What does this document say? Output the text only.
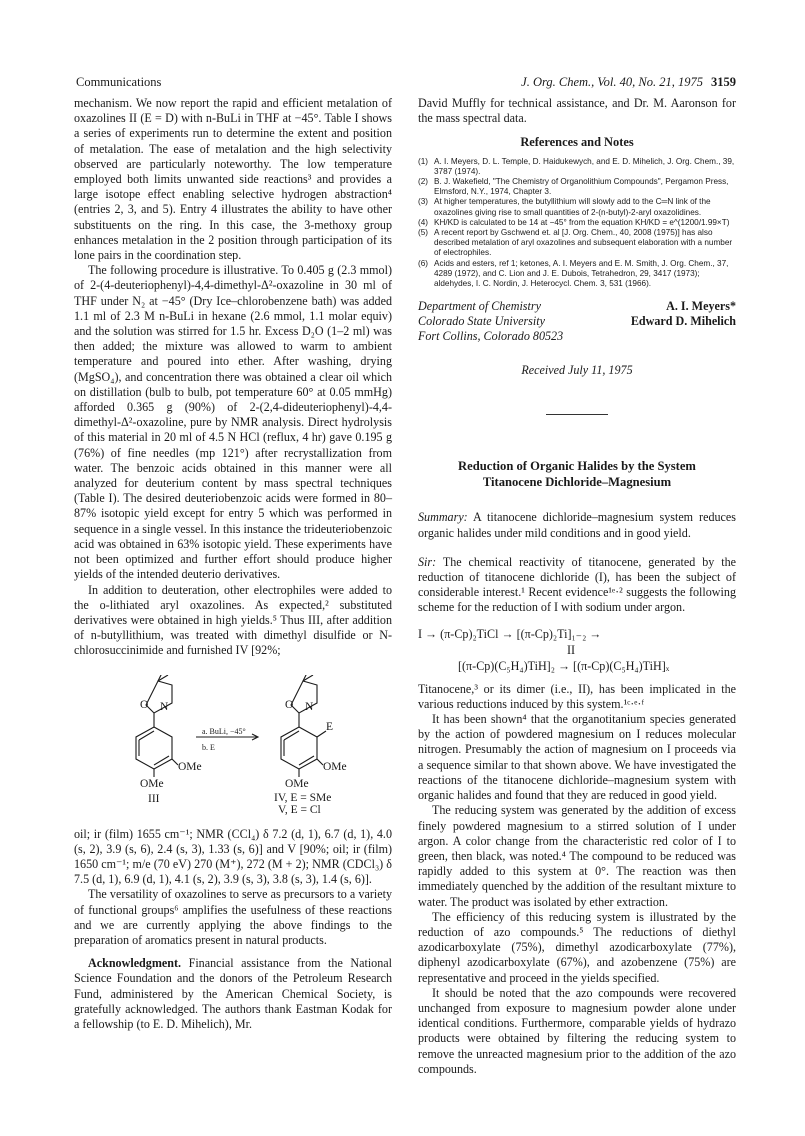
Communications	J. Org. Chem., Vol. 40, No. 21, 1975 3159

mechanism. We now report the rapid and efficient metalation of oxazolines II (E = D) with n-BuLi in THF at −45°. Table I shows a series of experiments run to determine the extent and position of metalation. The ease of metalation and the high selectivity observed are particularly noteworthy. The low temperature employed both limits unwanted side reactions³ and provides a large isotope effect enabling selective hydrogen abstraction⁴ (entries 2, 3, and 5). Entry 4 illustrates the ability to have other substituents on the ring. In this case, the 3-methoxy group enhances metalation in the 2 position through participation of its lone pairs in the coordination step.

The following procedure is illustrative. To 0.405 g (2.3 mmol) of 2-(4-deuteriophenyl)-4,4-dimethyl-Δ²-oxazoline in 30 ml of THF under N₂ at −45° (Dry Ice–chlorobenzene bath) was added 1.1 ml of 2.3 M n-BuLi in hexane (2.6 mmol, 1.1 molar equiv) and the solution was stirred for 1.5 hr. Excess D₂O (1–2 ml) was then added; the mixture was allowed to warm to ambient temperature and poured into ether. After washing, drying (MgSO₄), and concentration there was obtained a clear oil which on distillation (bulb to bulb, pot temperature 60° at 0.05 mmHg) afforded 0.365 g (90%) of 2-(2,4-dideuteriophenyl)-4,4-dimethyl-Δ²-oxazoline, pure by NMR analysis. Direct hydrolysis of this material in 20 ml of 4.5 N HCl (reflux, 4 hr) gave 0.195 g (76%) of fine needles (mp 121°) after recrystallization from water. The benzoic acids obtained in this manner were all analyzed for deuterium content by mass spectral techniques (Table I). The desired deuteriobenzoic acids were formed in 80–87% isotopic yield except for entry 5 which was performed in sequence in a single vessel. In this instance the trideuteriobenzoic acid was obtained in 63% isotopic yield. These experiments have not been optimized and further effort should produce higher yields of the intended deuterio derivatives.

In addition to deuteration, other electrophiles were added to the o-lithiated aryl oxazolines. As expected,² substituted derivatives were obtained in high yields.⁵ Thus III, after addition of n-butyllithium, was treated with dimethyl disulfide or N-chlorosuccinimide and furnished IV [92%;

O N	O N
a. BuLi, −45°
b. E
OMe
OMe
III
E
OMe
OMe
IV, E = SMe
V, E = Cl

oil; ir (film) 1655 cm⁻¹; NMR (CCl₄) δ 7.2 (d, 1), 6.7 (d, 1), 4.0 (s, 2), 3.9 (s, 6), 2.4 (s, 3), 1.33 (s, 6)] and V [90%; oil; ir (film) 1650 cm⁻¹; m/e (70 eV) 270 (M⁺), 272 (M + 2); NMR (CDCl₃) δ 7.5 (d, 1), 6.9 (d, 1), 4.1 (s, 2), 3.9 (s, 3), 3.8 (s, 3), 1.4 (s, 6)].

The versatility of oxazolines to serve as precursors to a variety of functional groups⁶ amplifies the usefulness of these reactions and we are currently applying the above findings to the preparation of aromatics present in natural products.

Acknowledgment. Financial assistance from the National Science Foundation and the donors of the Petroleum Research Fund, administered by the American Chemical Society, is gratefully acknowledged. The authors thank Eastman Kodak for a fellowship (to E. D. Mihelich), Mr.

David Muffly for technical assistance, and Dr. M. Aaronson for the mass spectral data.

References and Notes

(1) A. I. Meyers, D. L. Temple, D. Haidukewych, and E. D. Mihelich, J. Org. Chem., 39, 3787 (1974).
(2) B. J. Wakefield, "The Chemistry of Organolithium Compounds", Pergamon Press, Elmsford, N.Y., 1974, Chapter 3.
(3) At higher temperatures, the butyllithium will slowly add to the C═N link of the oxazolines giving rise to small quantities of 2-(n-butyl)-2-aryl oxazolidines.
(4) KH/KD is calculated to be 14 at −45° from the equation KH/KD = e^(1200/1.99×T)
(5) A recent report by Gschwend et. al [J. Org. Chem., 40, 2008 (1975)] has also described metalation of aryl oxazolines and subsequent elaboration with a number of electrophiles.
(6) Acids and esters, ref 1; ketones, A. I. Meyers and E. M. Smith, J. Org. Chem., 37, 4289 (1972), and C. Lion and J. E. Dubois, Tetrahedron, 29, 3417 (1973); aldehydes, I. C. Nordin, J. Heterocycl. Chem. 3, 531 (1966).
Department of Chemistry
Colorado State University
Fort Collins, Colorado 80523
A. I. Meyers*
Edward D. Mihelich

Received July 11, 1975

Reduction of Organic Halides by the System
Titanocene Dichloride–Magnesium

Summary: A titanocene dichloride–magnesium system reduces organic halides under mild conditions and in good yield.

Sir: The chemical reactivity of titanocene, generated by the reduction of titanocene dichloride (I), has been the subject of considerable interest.¹ Recent evidence¹ᵉ·² suggests the following scheme for the reduction of I with sodium under argon.

I → (π-Cp)₂TiCl → [(π-Cp)₂Ti]₁₋₂ →
II
[(π-Cp)(C₅H₄)TiH]₂ → [(π-Cp)(C₅H₄)TiH]ₓ

Titanocene,³ or its dimer (i.e., II), has been implicated in the various reductions induced by this system.¹ᶜ·ᵉ·ᶠ

It has been shown⁴ that the organotitanium species generated by the action of powdered magnesium on I reduces molecular nitrogen. Presumably the action of magnesium on I proceeds via a sequence similar to that shown above. We have investigated the reactions of the titanocene dichloride–magnesium system with organic halides and found that they are reduced in good yield.

The reducing system was generated by the addition of excess finely powdered magnesium to a stirred solution of I under argon. A color change from the characteristic red color of I to green, then black, was noted.⁴ The compound to be reduced was rapidly added to this system at 0°. The reaction was then immediately quenched by the addition of the resultant mixture to water. The product was isolated by ether extraction.

The efficiency of this reducing system is illustrated by the reduction of azo compounds.⁵ The reductions of diethyl azodicarboxylate (75%), dimethyl azodicarboxylate (77%), diphenyl azodicarboxylate (67%), and azobenzene (75%) are representative and proceed in the yields specified.

It should be noted that the azo compounds were recovered unchanged from exposure to magnesium powder alone under identical conditions. Furthermore, comparable yields of hydrazo products were obtained by filtering the reducing system to remove the unreacted magnesium prior to the addition of the azo compounds.
